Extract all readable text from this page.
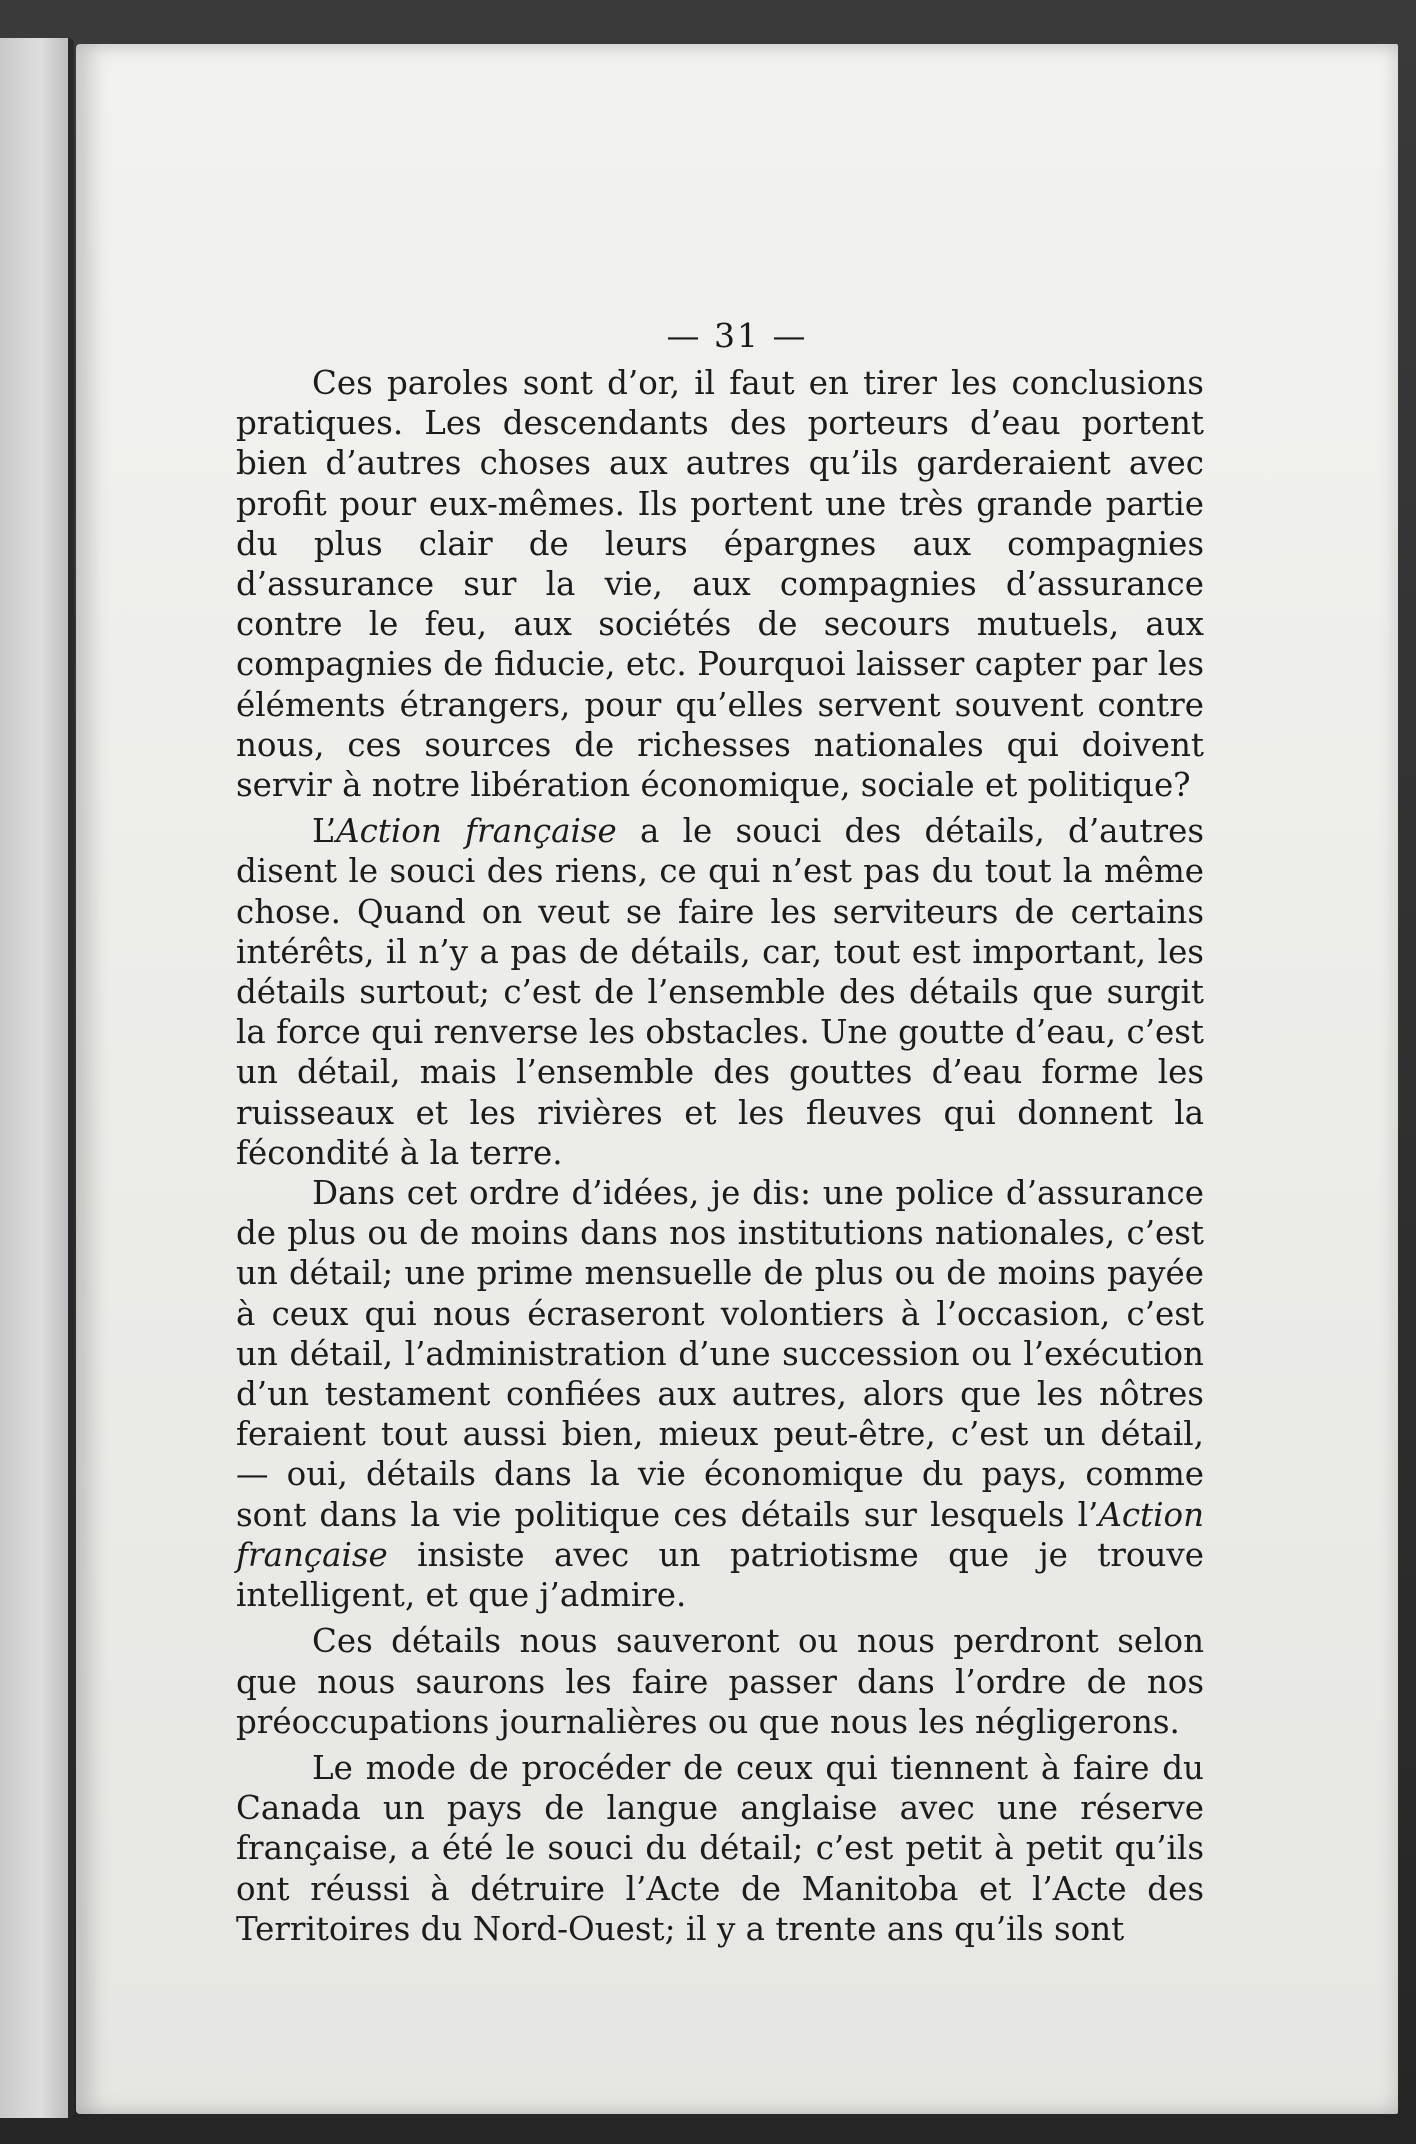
— 31 —

Ces paroles sont d’or, il faut en tirer les conclusions pratiques. Les descendants des porteurs d’eau portent bien d’autres choses aux autres qu’ils garderaient avec profit pour eux-mêmes. Ils portent une très grande partie du plus clair de leurs épargnes aux compagnies d’assurance sur la vie, aux compagnies d’assurance contre le feu, aux sociétés de secours mutuels, aux compagnies de fiducie, etc. Pourquoi laisser capter par les éléments étrangers, pour qu’elles servent souvent contre nous, ces sources de richesses nationales qui doivent servir à notre libération économique, sociale et politique?

L’Action française a le souci des détails, d’autres disent le souci des riens, ce qui n’est pas du tout la même chose. Quand on veut se faire les serviteurs de certains intérêts, il n’y a pas de détails, car, tout est important, les détails surtout; c’est de l’ensemble des détails que surgit la force qui renverse les obstacles. Une goutte d’eau, c’est un détail, mais l’ensemble des gouttes d’eau forme les ruisseaux et les rivières et les fleuves qui donnent la fécondité à la terre.

Dans cet ordre d’idées, je dis: une police d’assurance de plus ou de moins dans nos institutions nationales, c’est un détail; une prime mensuelle de plus ou de moins payée à ceux qui nous écraseront volontiers à l’occasion, c’est un détail, l’administration d’une succession ou l’exécution d’un testament confiées aux autres, alors que les nôtres feraient tout aussi bien, mieux peut-être, c’est un détail, — oui, détails dans la vie économique du pays, comme sont dans la vie politique ces détails sur lesquels l’Action française insiste avec un patriotisme que je trouve intelligent, et que j’admire.

Ces détails nous sauveront ou nous perdront selon que nous saurons les faire passer dans l’ordre de nos préoccupations journalières ou que nous les négligerons.

Le mode de procéder de ceux qui tiennent à faire du Canada un pays de langue anglaise avec une réserve française, a été le souci du détail; c’est petit à petit qu’ils ont réussi à détruire l’Acte de Manitoba et l’Acte des Territoires du Nord-Ouest; il y a trente ans qu’ils sont
